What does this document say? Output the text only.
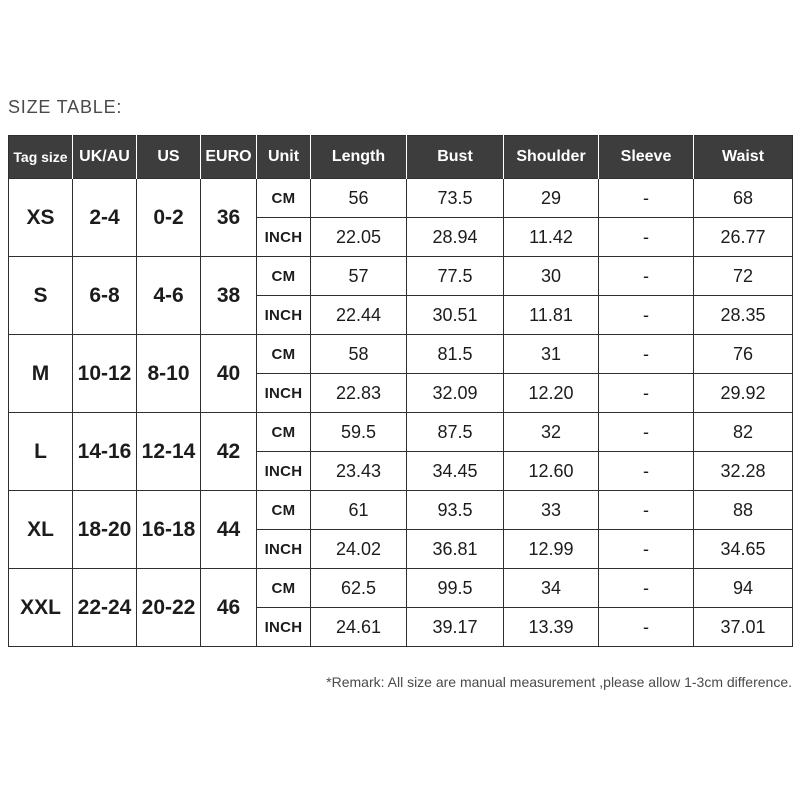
SIZE TABLE:
Tag size	UK/AU	US	EURO	Unit	Length	Bust	Shoulder	Sleeve	Waist
XS	2-4	0-2	36	CM	56	73.5	29	-	68
				INCH	22.05	28.94	11.42	-	26.77
S	6-8	4-6	38	CM	57	77.5	30	-	72
				INCH	22.44	30.51	11.81	-	28.35
M	10-12	8-10	40	CM	58	81.5	31	-	76
				INCH	22.83	32.09	12.20	-	29.92
L	14-16	12-14	42	CM	59.5	87.5	32	-	82
				INCH	23.43	34.45	12.60	-	32.28
XL	18-20	16-18	44	CM	61	93.5	33	-	88
				INCH	24.02	36.81	12.99	-	34.65
XXL	22-24	20-22	46	CM	62.5	99.5	34	-	94
				INCH	24.61	39.17	13.39	-	37.01
*Remark: All size are manual measurement ,please allow 1-3cm difference.
